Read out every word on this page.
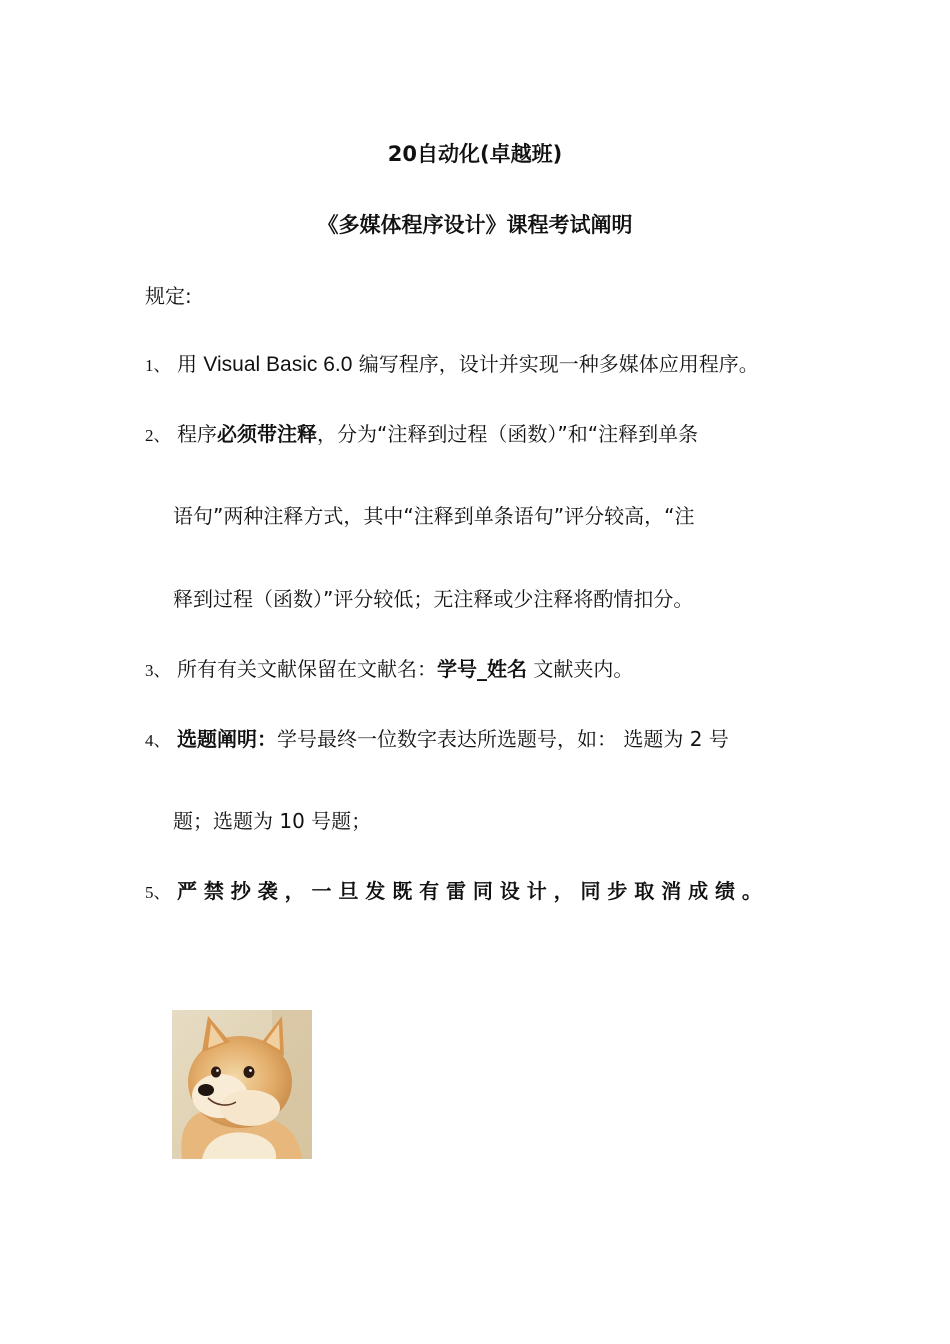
20自动化(卓越班)
《多媒体程序设计》课程考试阐明
规定:
1、 用 Visual Basic 6.0 编写程序，设计并实现一种多媒体应用程序。
2、 程序必须带注释，分为“注释到过程（函数）”和“注释到单条
语句”两种注释方式，其中“注释到单条语句”评分较高，“注
释到过程（函数）”评分较低；无注释或少注释将酌情扣分。
3、 所有有关文献保留在文献名：学号_姓名 文献夹内。
4、 选题阐明：学号最终一位数字表达所选题号，如： 选题为 2 号
题；选题为 10 号题；
5、 严禁抄袭，一旦发既有雷同设计，同步取消成绩。
